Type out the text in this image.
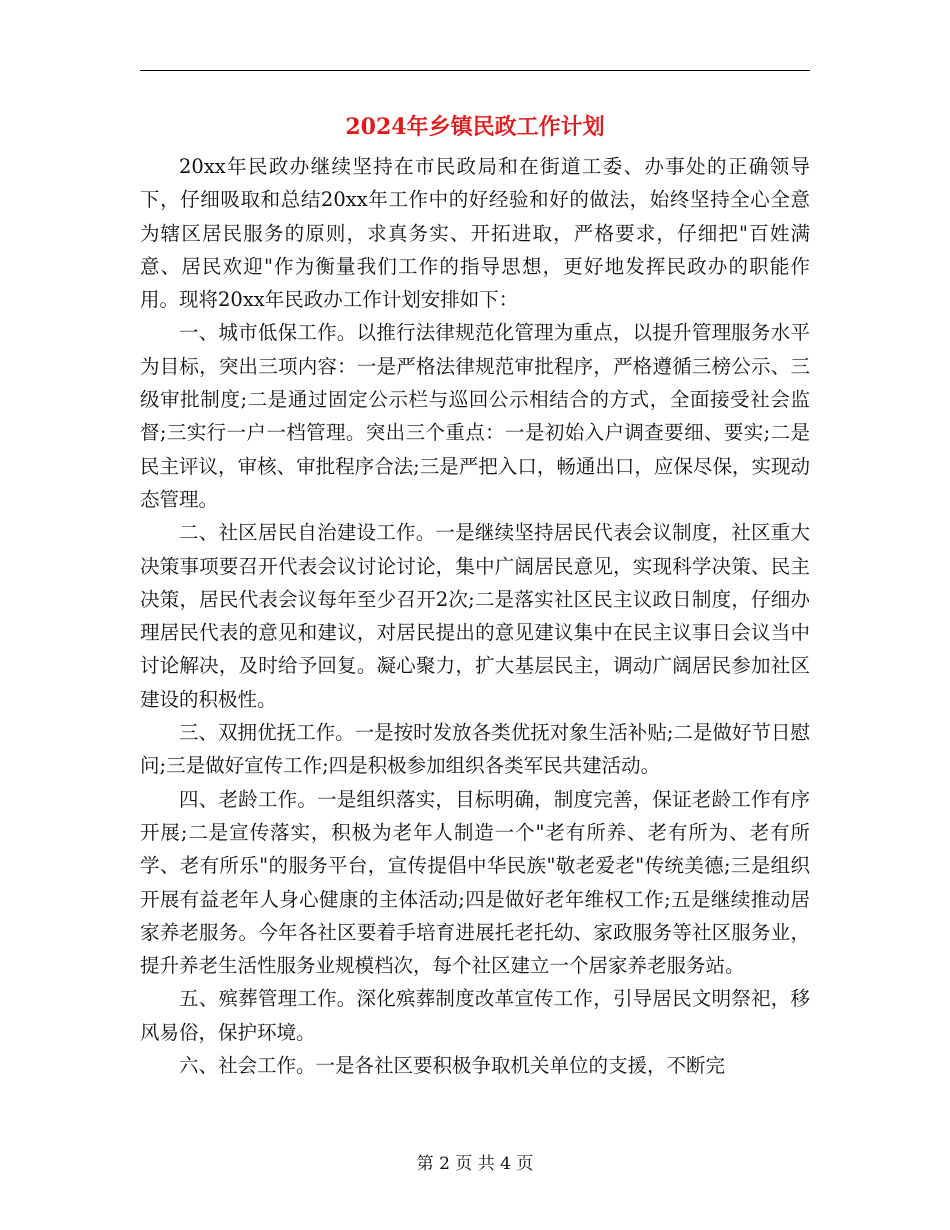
2024年乡镇民政工作计划

20xx年民政办继续坚持在市民政局和在街道工委、办事处的正确领导下，仔细吸取和总结20xx年工作中的好经验和好的做法，始终坚持全心全意为辖区居民服务的原则，求真务实、开拓进取，严格要求，仔细把"百姓满意、居民欢迎"作为衡量我们工作的指导思想，更好地发挥民政办的职能作用。现将20xx年民政办工作计划安排如下：

一、城市低保工作。以推行法律规范化管理为重点，以提升管理服务水平为目标，突出三项内容：一是严格法律规范审批程序，严格遵循三榜公示、三级审批制度;二是通过固定公示栏与巡回公示相结合的方式，全面接受社会监督;三实行一户一档管理。突出三个重点：一是初始入户调查要细、要实;二是民主评议，审核、审批程序合法;三是严把入口，畅通出口，应保尽保，实现动态管理。

二、社区居民自治建设工作。一是继续坚持居民代表会议制度，社区重大决策事项要召开代表会议讨论讨论，集中广阔居民意见，实现科学决策、民主决策，居民代表会议每年至少召开2次;二是落实社区民主议政日制度，仔细办理居民代表的意见和建议，对居民提出的意见建议集中在民主议事日会议当中讨论解决，及时给予回复。凝心聚力，扩大基层民主，调动广阔居民参加社区建设的积极性。

三、双拥优抚工作。一是按时发放各类优抚对象生活补贴;二是做好节日慰问;三是做好宣传工作;四是积极参加组织各类军民共建活动。

四、老龄工作。一是组织落实，目标明确，制度完善，保证老龄工作有序开展;二是宣传落实，积极为老年人制造一个"老有所养、老有所为、老有所学、老有所乐"的服务平台，宣传提倡中华民族"敬老爱老"传统美德;三是组织开展有益老年人身心健康的主体活动;四是做好老年维权工作;五是继续推动居家养老服务。今年各社区要着手培育进展托老托幼、家政服务等社区服务业，提升养老生活性服务业规模档次，每个社区建立一个居家养老服务站。

五、殡葬管理工作。深化殡葬制度改革宣传工作，引导居民文明祭祀，移风易俗，保护环境。

六、社会工作。一是各社区要积极争取机关单位的支援，不断完

第 2 页 共 4 页
